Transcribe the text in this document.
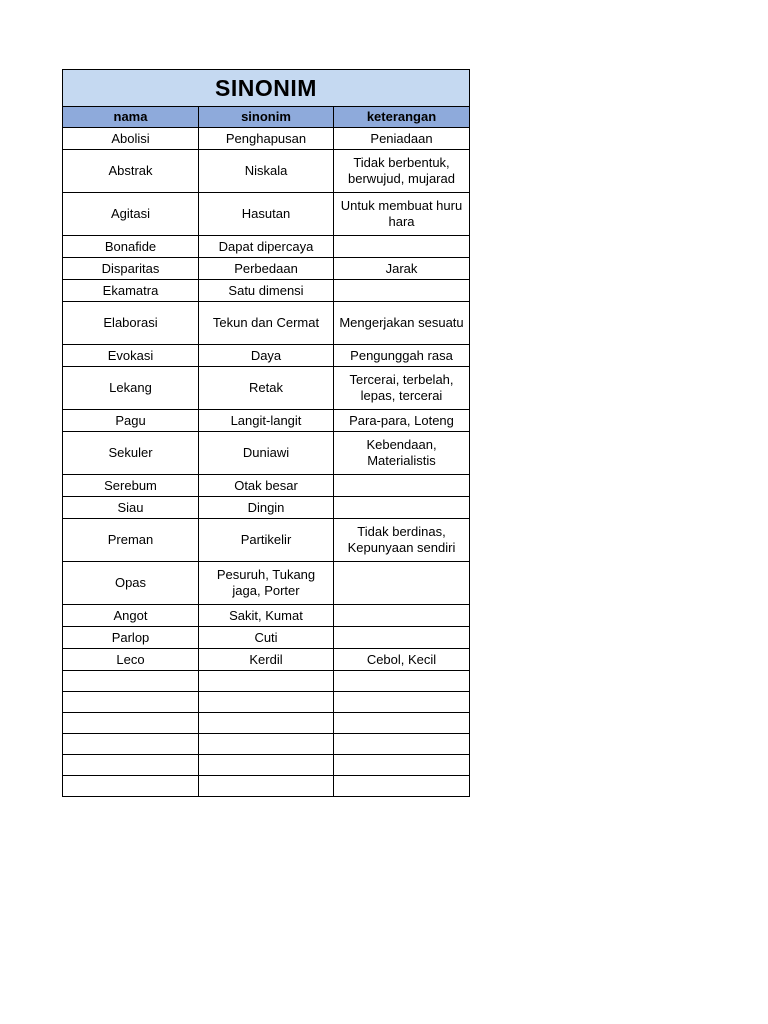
SINONIM		
nama	sinonim	keterangan
Abolisi	Penghapusan	Peniadaan
Abstrak	Niskala	Tidak berbentuk, berwujud, mujarad
Agitasi	Hasutan	Untuk membuat huru hara
Bonafide	Dapat dipercaya	
Disparitas	Perbedaan	Jarak
Ekamatra	Satu dimensi	
Elaborasi	Tekun dan Cermat	Mengerjakan sesuatu
Evokasi	Daya	Pengunggah rasa
Lekang	Retak	Tercerai, terbelah, lepas, tercerai
Pagu	Langit-langit	Para-para, Loteng
Sekuler	Duniawi	Kebendaan, Materialistis
Serebum	Otak besar	
Siau	Dingin	
Preman	Partikelir	Tidak berdinas, Kepunyaan sendiri
Opas	Pesuruh, Tukang jaga, Porter	
Angot	Sakit, Kumat	
Parlop	Cuti	
Leco	Kerdil	Cebol, Kecil
